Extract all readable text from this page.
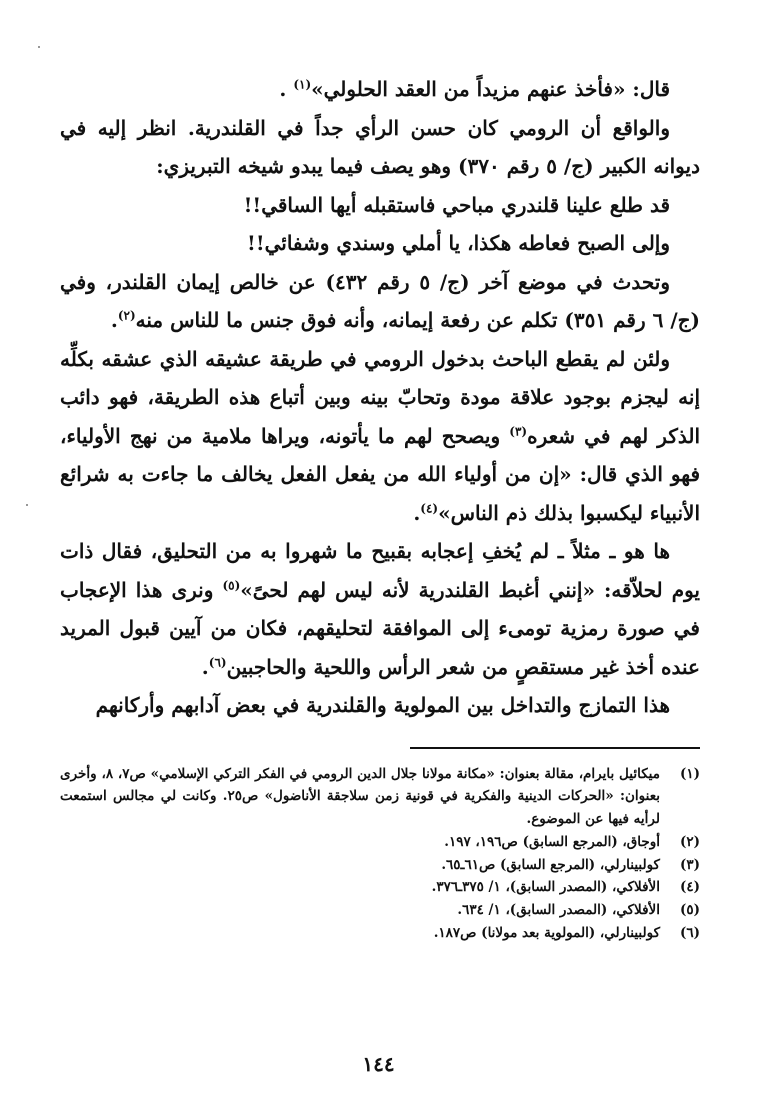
قال: «فأخذ عنهم مزيداً من العقد الحلولي»$^{(١)}$ .

والواقع أن الرومي كان حسن الرأي جداً في القلندرية. انظر إليه في ديوانه الكبير (ج/ ٥ رقم ٣٧٠) وهو يصف فيما يبدو شيخه التبريزي:

قد طلع علينا قلندري مباحي فاستقبله أيها الساقي!!

وإلى الصبح فعاطه هكذا، يا أملي وسندي وشفائي!!

وتحدث في موضع آخر (ج/ ٥ رقم ٤٣٢) عن خالص إيمان القلندر، وفي (ج/ ٦ رقم ٣٥١) تكلم عن رفعة إيمانه، وأنه فوق جنس ما للناس منه$^{(٢)}$.

ولئن لم يقطع الباحث بدخول الرومي في طريقة عشيقه الذي عشقه بكلِّه إنه ليجزم بوجود علاقة مودة وتحابّ بينه وبين أتباع هذه الطريقة، فهو دائب الذكر لهم في شعره$^{(٣)}$ ويصحح لهم ما يأتونه، ويراها ملامية من نهج الأولياء، فهو الذي قال: «إن من أولياء الله من يفعل الفعل يخالف ما جاءت به شرائع الأنبياء ليكسبوا بذلك ذم الناس»$^{(٤)}$.

ها هو ـ مثلاً ـ لم يُخفِ إعجابه بقبيح ما شهروا به من التحليق، فقال ذات يوم لحلاّقه: «إنني أغبط القلندرية لأنه ليس لهم لحىً»$^{(٥)}$ ونرى هذا الإعجاب في صورة رمزية تومىء إلى الموافقة لتحليقهم، فكان من آيين قبول المريد عنده أخذ غير مستقصٍ من شعر الرأس واللحية والحاجبين$^{(٦)}$.

هذا التمازج والتداخل بين المولوية والقلندرية في بعض آدابهم وأركانهم

(١)
ميكائيل بايرام، مقالة بعنوان: «مكانة مولانا جلال الدين الرومي في الفكر التركي الإسلامي» ص٧، ٨، وأخرى بعنوان: «الحركات الدينية والفكرية في قونية زمن سلاجقة الأناضول» ص٢٥. وكانت لي مجالس استمعت لرأيه فيها عن الموضوع.
(٢)
أوجاق، (المرجع السابق) ص١٩٦، ١٩٧.
(٣)
كولبينارلي، (المرجع السابق) ص٦١ـ٦٥.
(٤)
الأفلاكي، (المصدر السابق)، ١/ ٣٧٥ـ٣٧٦.
(٥)
الأفلاكي، (المصدر السابق)، ١/ ٦٣٤.
(٦)
كولبينارلي، (المولوية بعد مولانا) ص١٨٧.
١٤٤
